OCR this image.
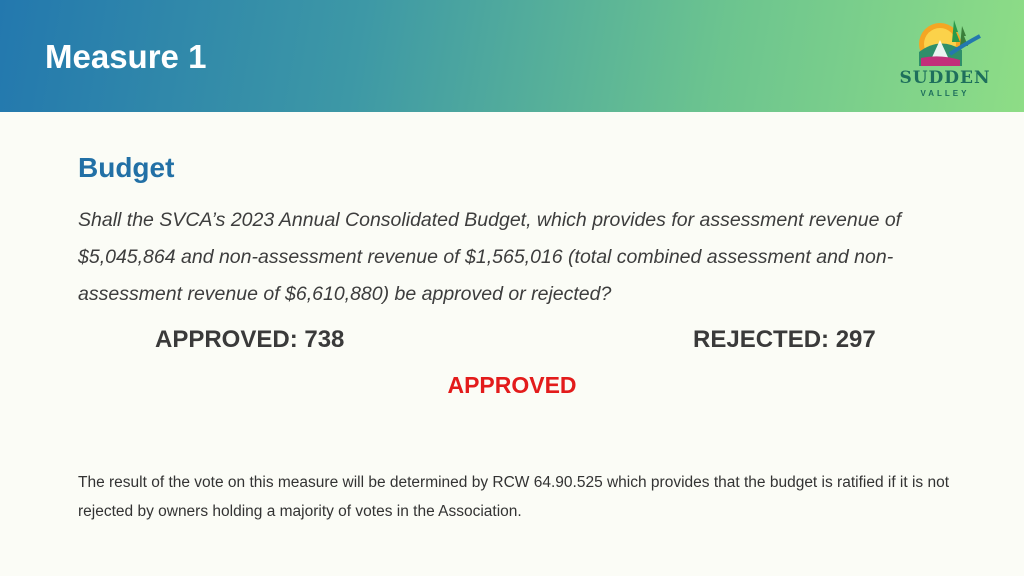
Measure 1
SUDDEN
VALLEY
Budget
Shall the SVCA’s 2023 Annual Consolidated Budget, which provides for assessment revenue of $5,045,864 and non-assessment revenue of $1,565,016 (total combined assessment and non-assessment revenue of $6,610,880) be approved or rejected?
APPROVED: 738	REJECTED: 297
APPROVED
The result of the vote on this measure will be determined by RCW 64.90.525 which provides that the budget is ratified if it is not rejected by owners holding a majority of votes in the Association.
